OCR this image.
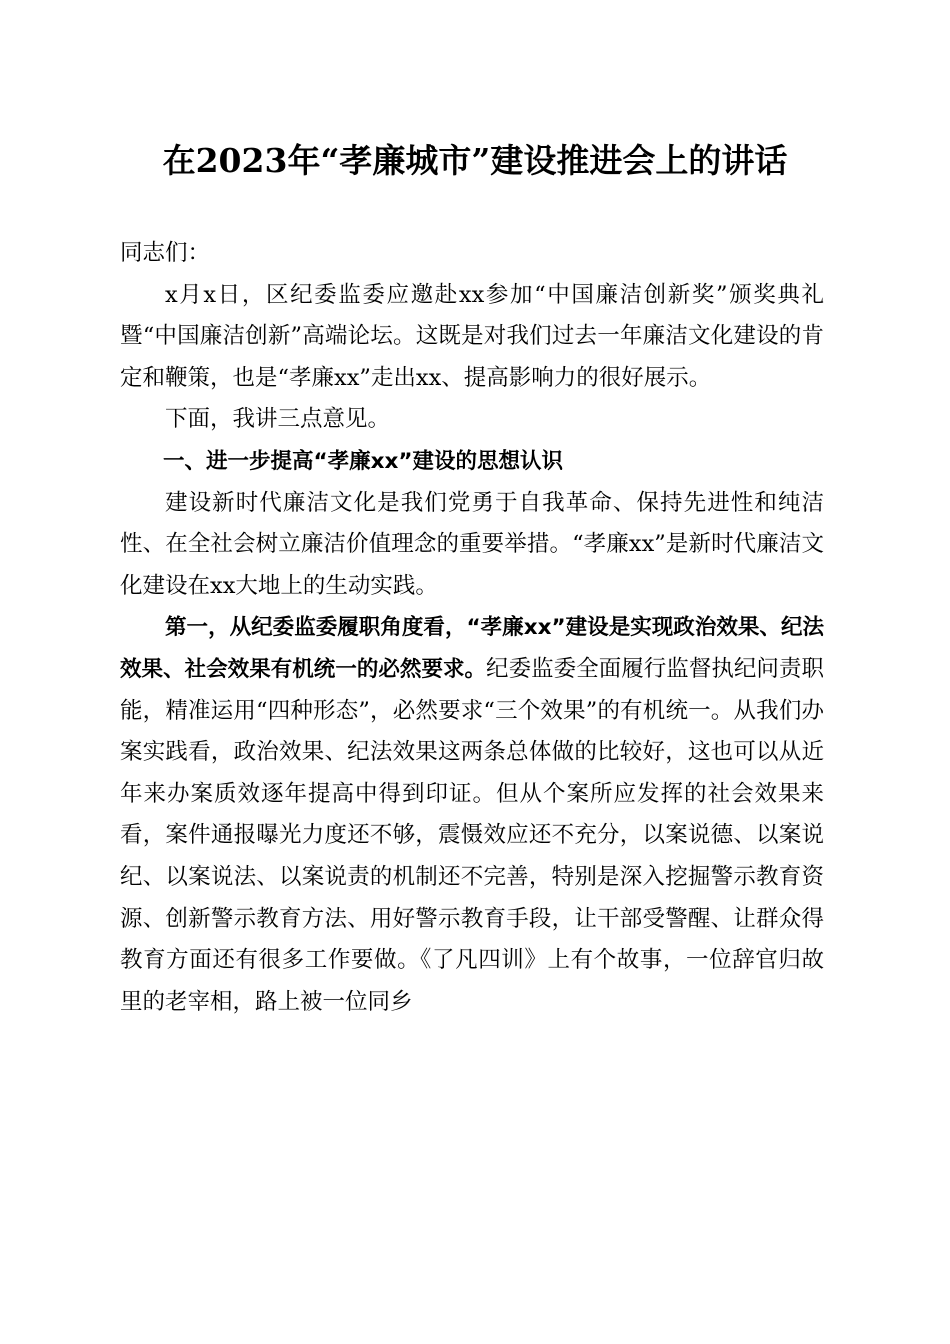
在2023年“孝廉城市”建设推进会上的讲话

同志们：

x月x日，区纪委监委应邀赴xx参加“中国廉洁创新奖”颁奖典礼暨“中国廉洁创新”高端论坛。这既是对我们过去一年廉洁文化建设的肯定和鞭策，也是“孝廉xx”走出xx、提高影响力的很好展示。

下面，我讲三点意见。

一、进一步提高“孝廉xx”建设的思想认识

建设新时代廉洁文化是我们党勇于自我革命、保持先进性和纯洁性、在全社会树立廉洁价值理念的重要举措。“孝廉xx”是新时代廉洁文化建设在xx大地上的生动实践。

第一，从纪委监委履职角度看，“孝廉xx”建设是实现政治效果、纪法效果、社会效果有机统一的必然要求。纪委监委全面履行监督执纪问责职能，精准运用“四种形态”，必然要求“三个效果”的有机统一。从我们办案实践看，政治效果、纪法效果这两条总体做的比较好，这也可以从近年来办案质效逐年提高中得到印证。但从个案所应发挥的社会效果来看，案件通报曝光力度还不够，震慑效应还不充分，以案说德、以案说纪、以案说法、以案说责的机制还不完善，特别是深入挖掘警示教育资源、创新警示教育方法、用好警示教育手段，让干部受警醒、让群众得教育方面还有很多工作要做。《了凡四训》上有个故事，一位辞官归故里的老宰相，路上被一位同乡
